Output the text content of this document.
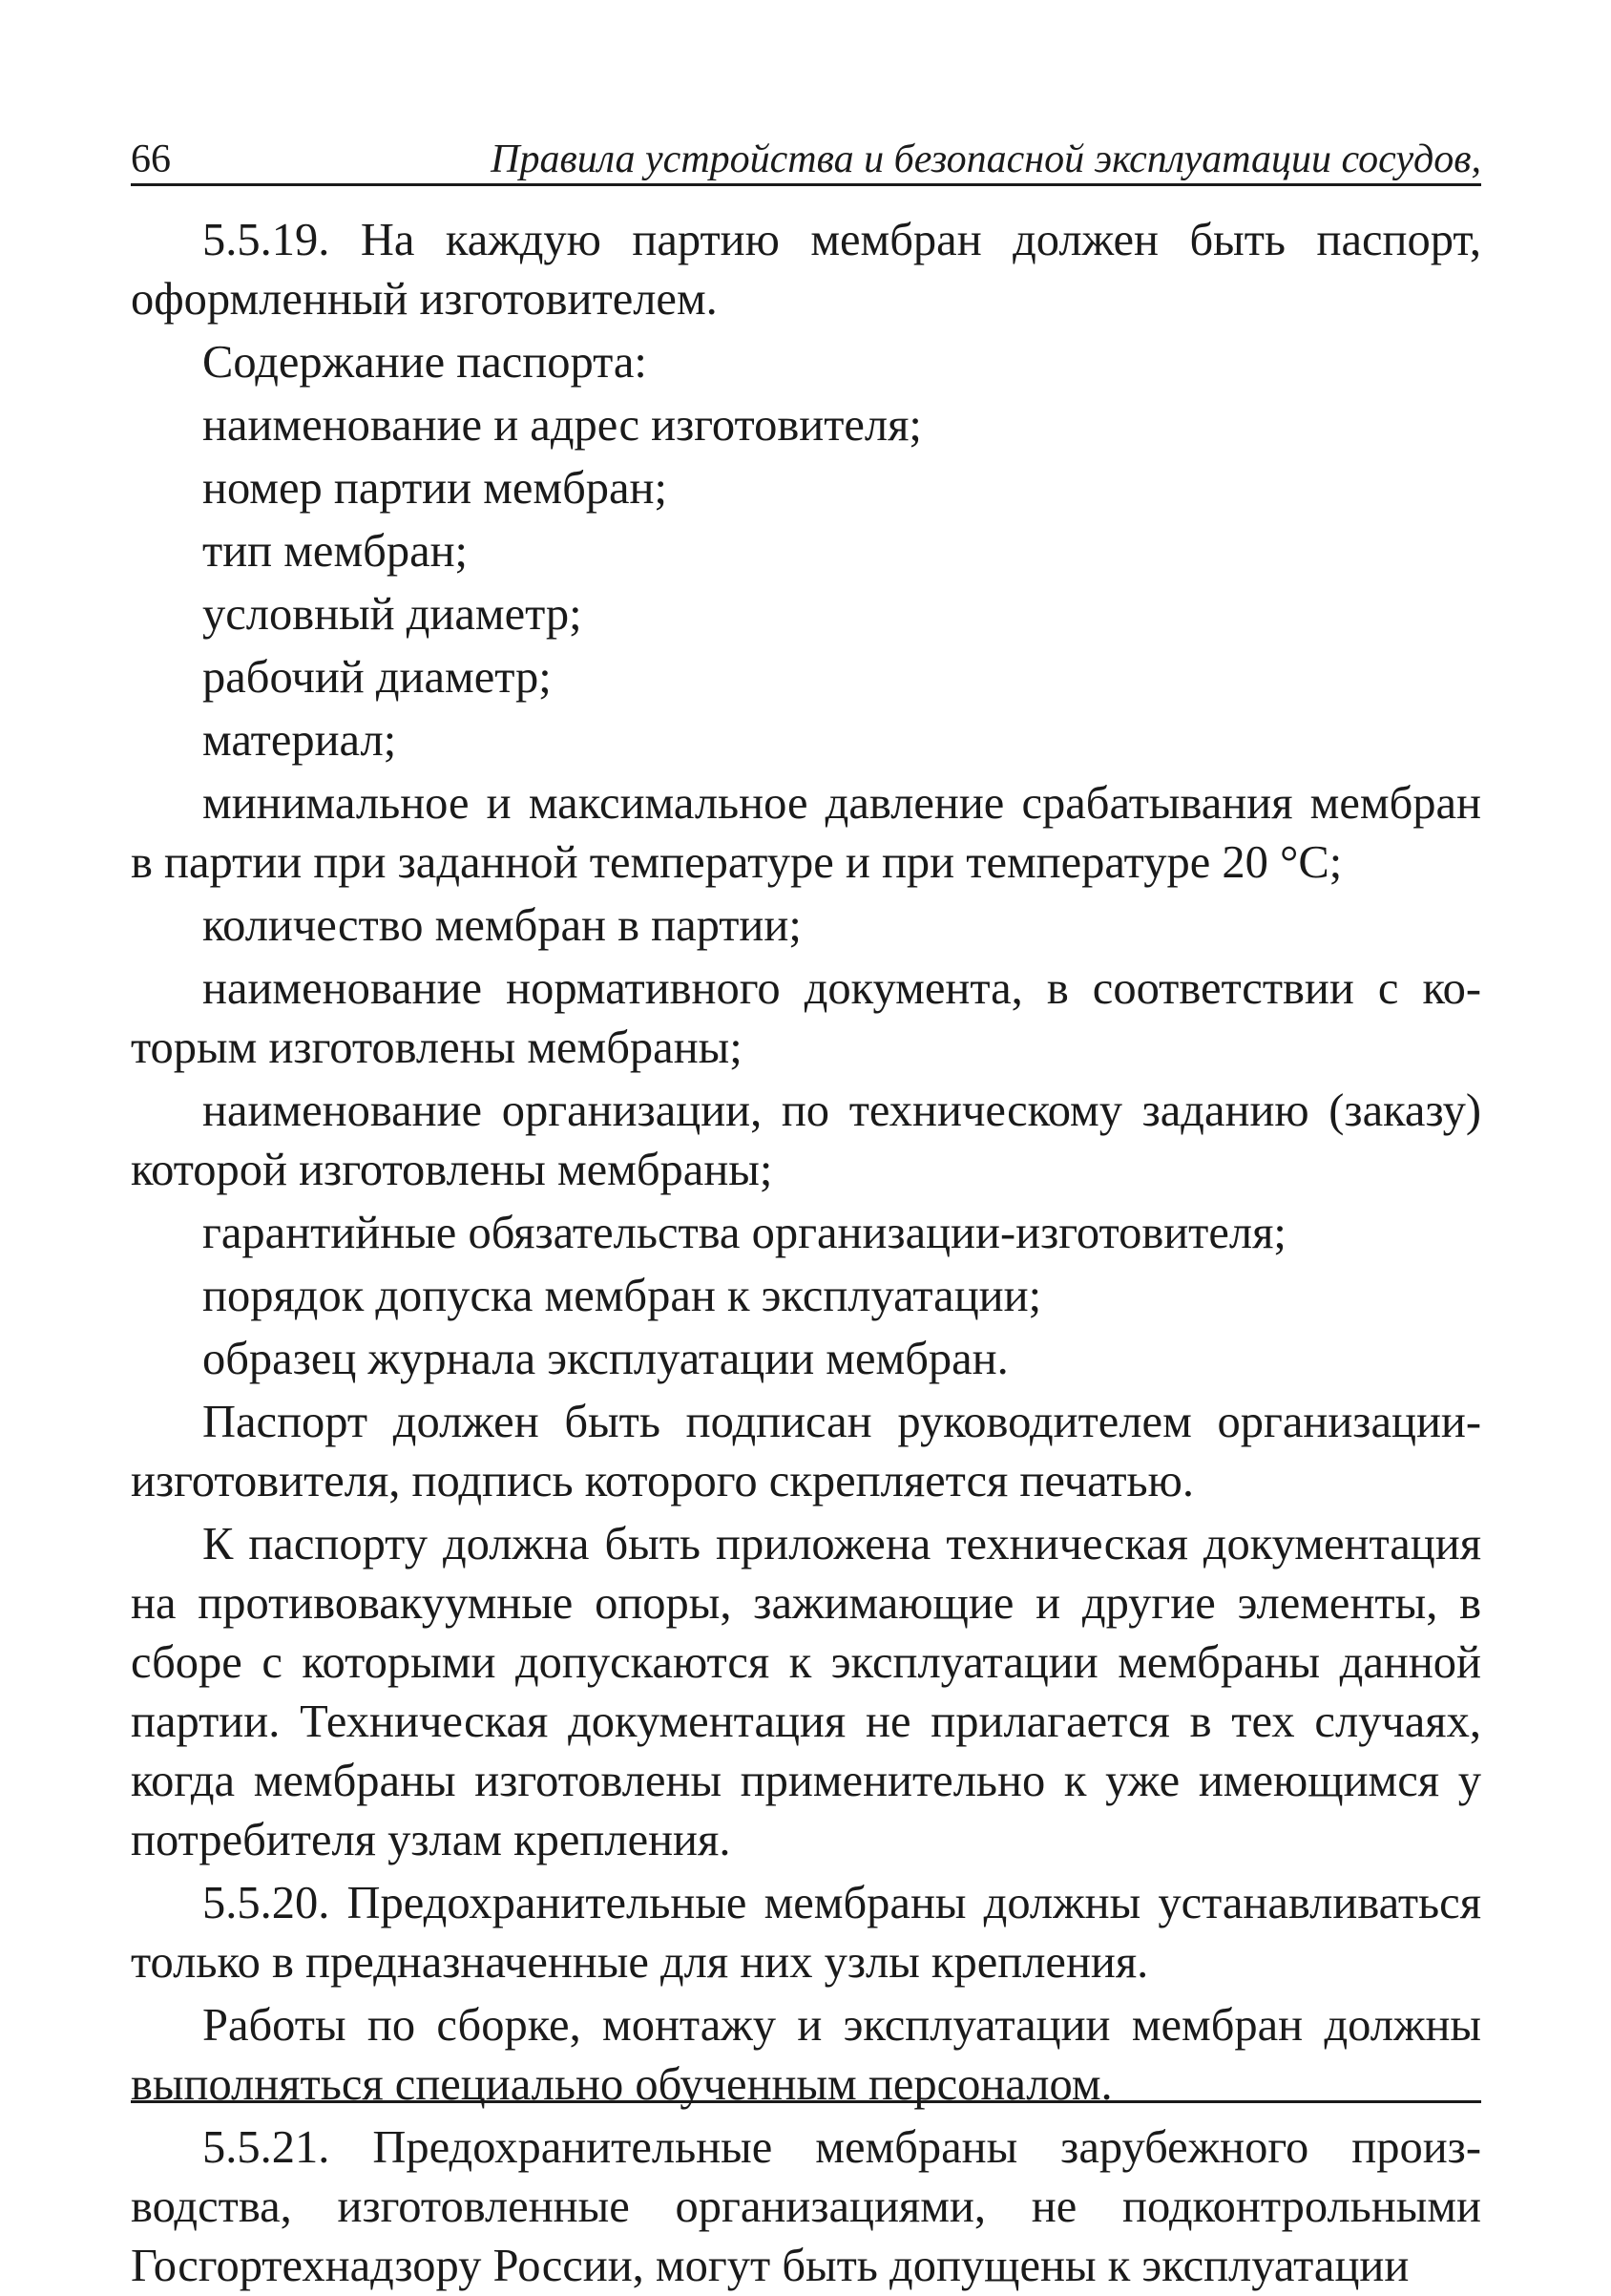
66	Правила устройства и безопасной эксплуатации сосудов,

5.5.19. На каждую партию мембран должен быть паспорт, оформленный изготовителем.

Содержание паспорта:

наименование и адрес изготовителя;

номер партии мембран;

тип мембран;

условный диаметр;

рабочий диаметр;

материал;

минимальное и максимальное давление срабатывания мембран в партии при заданной температуре и при температуре 20 °С;

количество мембран в партии;

наименование нормативного документа, в соответствии с которым изготовлены мембраны;

наименование организации, по техническому заданию (заказу) которой изготовлены мембраны;

гарантийные обязательства организации-изготовителя;

порядок допуска мембран к эксплуатации;

образец журнала эксплуатации мембран.

Паспорт должен быть подписан руководителем организации-изготовителя, подпись которого скрепляется печатью.

К паспорту должна быть приложена техническая документация на противовакуумные опоры, зажимающие и другие элементы, в сборе с которыми допускаются к эксплуатации мембраны данной партии. Техническая документация не прилагается в тех случаях, когда мембраны изготовлены применительно к уже имеющимся у потребителя узлам крепления.

5.5.20. Предохранительные мембраны должны устанавливаться только в предназначенные для них узлы крепления.

Работы по сборке, монтажу и эксплуатации мембран должны выполняться специально обученным персоналом.

5.5.21. Предохранительные мембраны зарубежного производства, изготовленные организациями, не подконтрольными Госгортехнадзору России, могут быть допущены к эксплуатации
